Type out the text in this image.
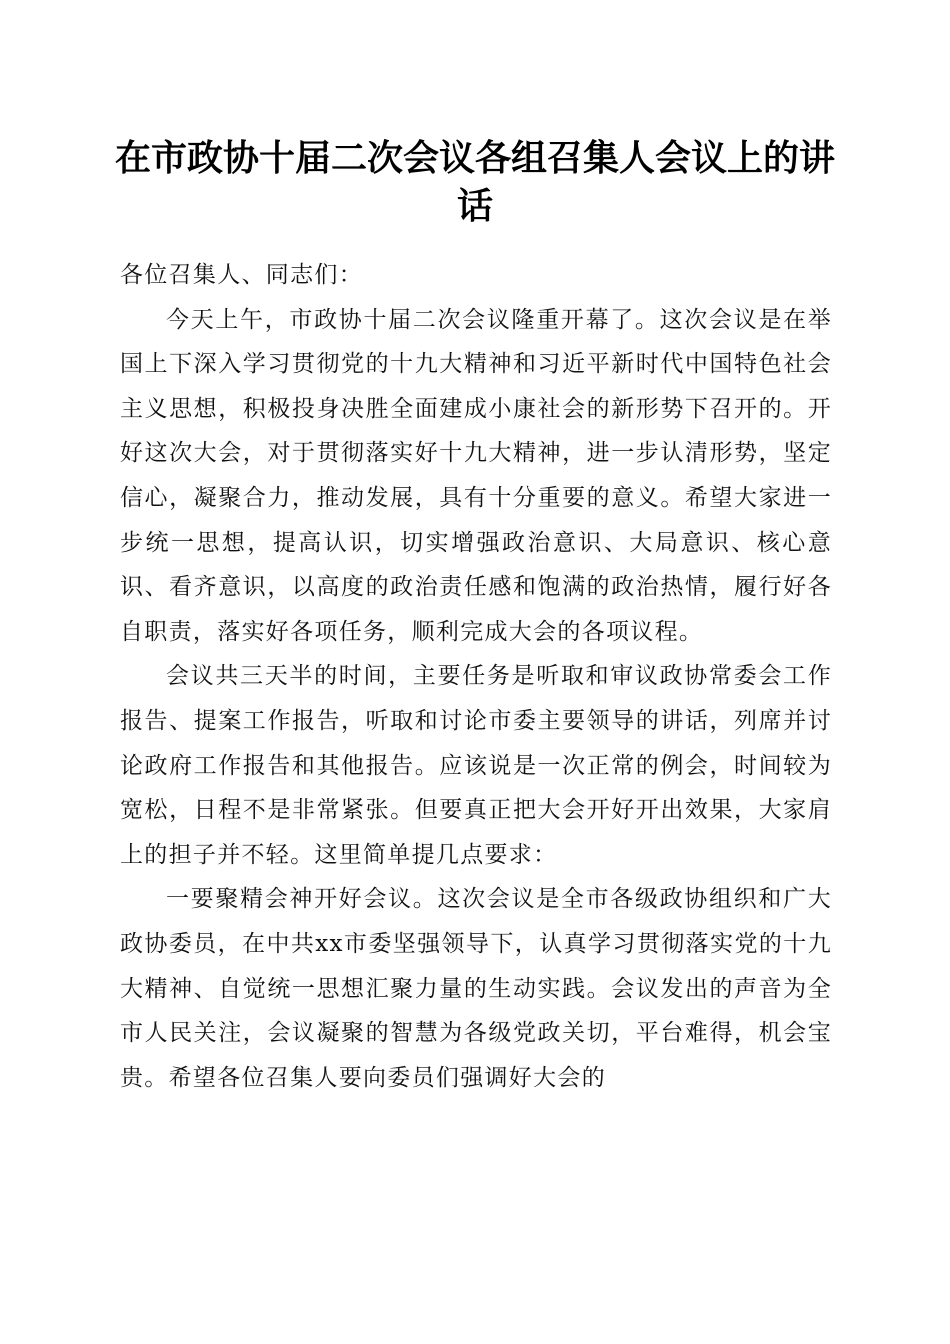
在市政协十届二次会议各组召集人会议上的讲话

各位召集人、同志们：

今天上午，市政协十届二次会议隆重开幕了。这次会议是在举国上下深入学习贯彻党的十九大精神和习近平新时代中国特色社会主义思想，积极投身决胜全面建成小康社会的新形势下召开的。开好这次大会，对于贯彻落实好十九大精神，进一步认清形势，坚定信心，凝聚合力，推动发展，具有十分重要的意义。希望大家进一步统一思想，提高认识，切实增强政治意识、大局意识、核心意识、看齐意识，以高度的政治责任感和饱满的政治热情，履行好各自职责，落实好各项任务，顺利完成大会的各项议程。

会议共三天半的时间，主要任务是听取和审议政协常委会工作报告、提案工作报告，听取和讨论市委主要领导的讲话，列席并讨论政府工作报告和其他报告。应该说是一次正常的例会，时间较为宽松，日程不是非常紧张。但要真正把大会开好开出效果，大家肩上的担子并不轻。这里简单提几点要求：

一要聚精会神开好会议。这次会议是全市各级政协组织和广大政协委员，在中共xx市委坚强领导下，认真学习贯彻落实党的十九大精神、自觉统一思想汇聚力量的生动实践。会议发出的声音为全市人民关注，会议凝聚的智慧为各级党政关切，平台难得，机会宝贵。希望各位召集人要向委员们强调好大会的
